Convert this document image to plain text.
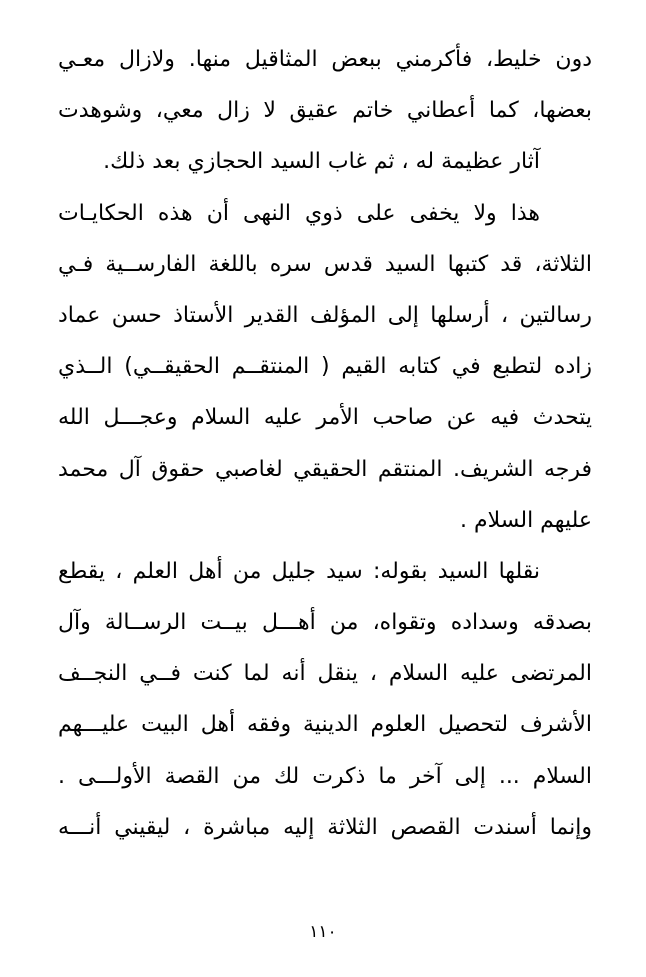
دون خليط، فأكرمني ببعض المثاقيل منها. ولازال معـي
بعضها، كما أعطاني خاتم عقيق لا زال معي، وشوهدت
آثار عظيمة له ، ثم غاب السيد الحجازي بعد ذلك.
هذا ولا يخفى على ذوي النهى أن هذه الحكايـات
الثلاثة، قد كتبها السيد قدس سره باللغة الفارســية فـي
رسالتين ، أرسلها إلى المؤلف القدير الأستاذ حسن عماد
زاده لتطبع في كتابه القيم ( المنتقــم الحقيقــي) الــذي
يتحدث فيه عن صاحب الأمر عليه السلام وعجـــل الله
فرجه الشريف. المنتقم الحقيقي لغاصبي حقوق آل محمد
عليهم السلام .
نقلها السيد بقوله: سيد جليل من أهل العلم ، يقطع
بصدقه وسداده وتقواه، من أهـــل بيــت الرســالة وآل
المرتضى عليه السلام ، ينقل أنه لما كنت فــي النجــف
الأشرف لتحصيل العلوم الدينية وفقه أهل البيت عليـــهم
السلام ... إلى آخر ما ذكرت لك من القصة الأولـــى .
وإنما أسندت القصص الثلاثة إليه مباشرة ، ليقيني أنـــه
١١٠
